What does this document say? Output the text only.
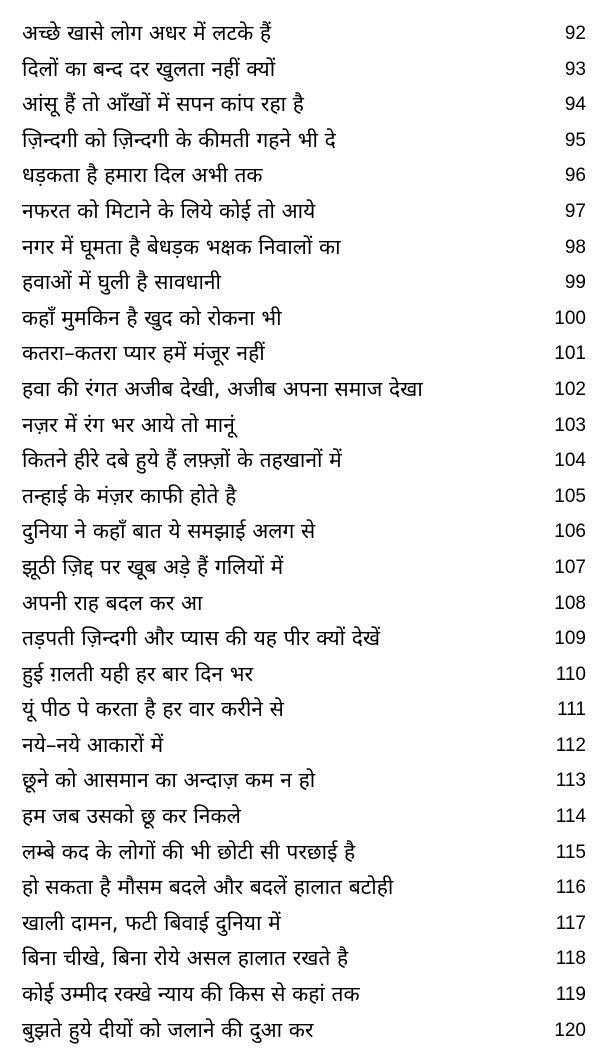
अच्छे खासे लोग अधर में लटके हैं	92
दिलों का बन्द दर खुलता नहीं क्यों	93
आंसू हैं तो आँखों में सपन कांप रहा है	94
ज़िन्दगी को ज़िन्दगी के कीमती गहने भी दे	95
धड़कता है हमारा दिल अभी तक	96
नफरत को मिटाने के लिये कोई तो आये	97
नगर में घूमता है बेधड़क भक्षक निवालों का	98
हवाओं में घुली है सावधानी	99
कहाँ मुमकिन है खुद को रोकना भी	100
कतरा–कतरा प्यार हमें मंजूर नहीं	101
हवा की रंगत अजीब देखी, अजीब अपना समाज देखा	102
नज़र में रंग भर आये तो मानूं	103
कितने हीरे दबे हुये हैं लफ़्ज़ों के तहखानों में	104
तन्हाई के मंज़र काफी होते है	105
दुनिया ने कहाँ बात ये समझाई अलग से	106
झूठी ज़िद्द पर खूब अड़े हैं गलियों में	107
अपनी राह बदल कर आ	108
तड़पती ज़िन्दगी और प्यास की यह पीर क्यों देखें	109
हुई ग़लती यही हर बार दिन भर	110
यूं पीठ पे करता है हर वार करीने से	111
नये–नये आकारों में	112
छूने को आसमान का अन्दाज़ कम न हो	113
हम जब उसको छू कर निकले	114
लम्बे कद के लोगों की भी छोटी सी परछाई है	115
हो सकता है मौसम बदले और बदलें हालात बटोही	116
खाली दामन, फटी बिवाई दुनिया में	117
बिना चीखे, बिना रोये असल हालात रखते है	118
कोई उम्मीद रक्खे न्याय की किस से कहां तक	119
बुझते हुये दीयों को जलाने की दुआ कर	120
